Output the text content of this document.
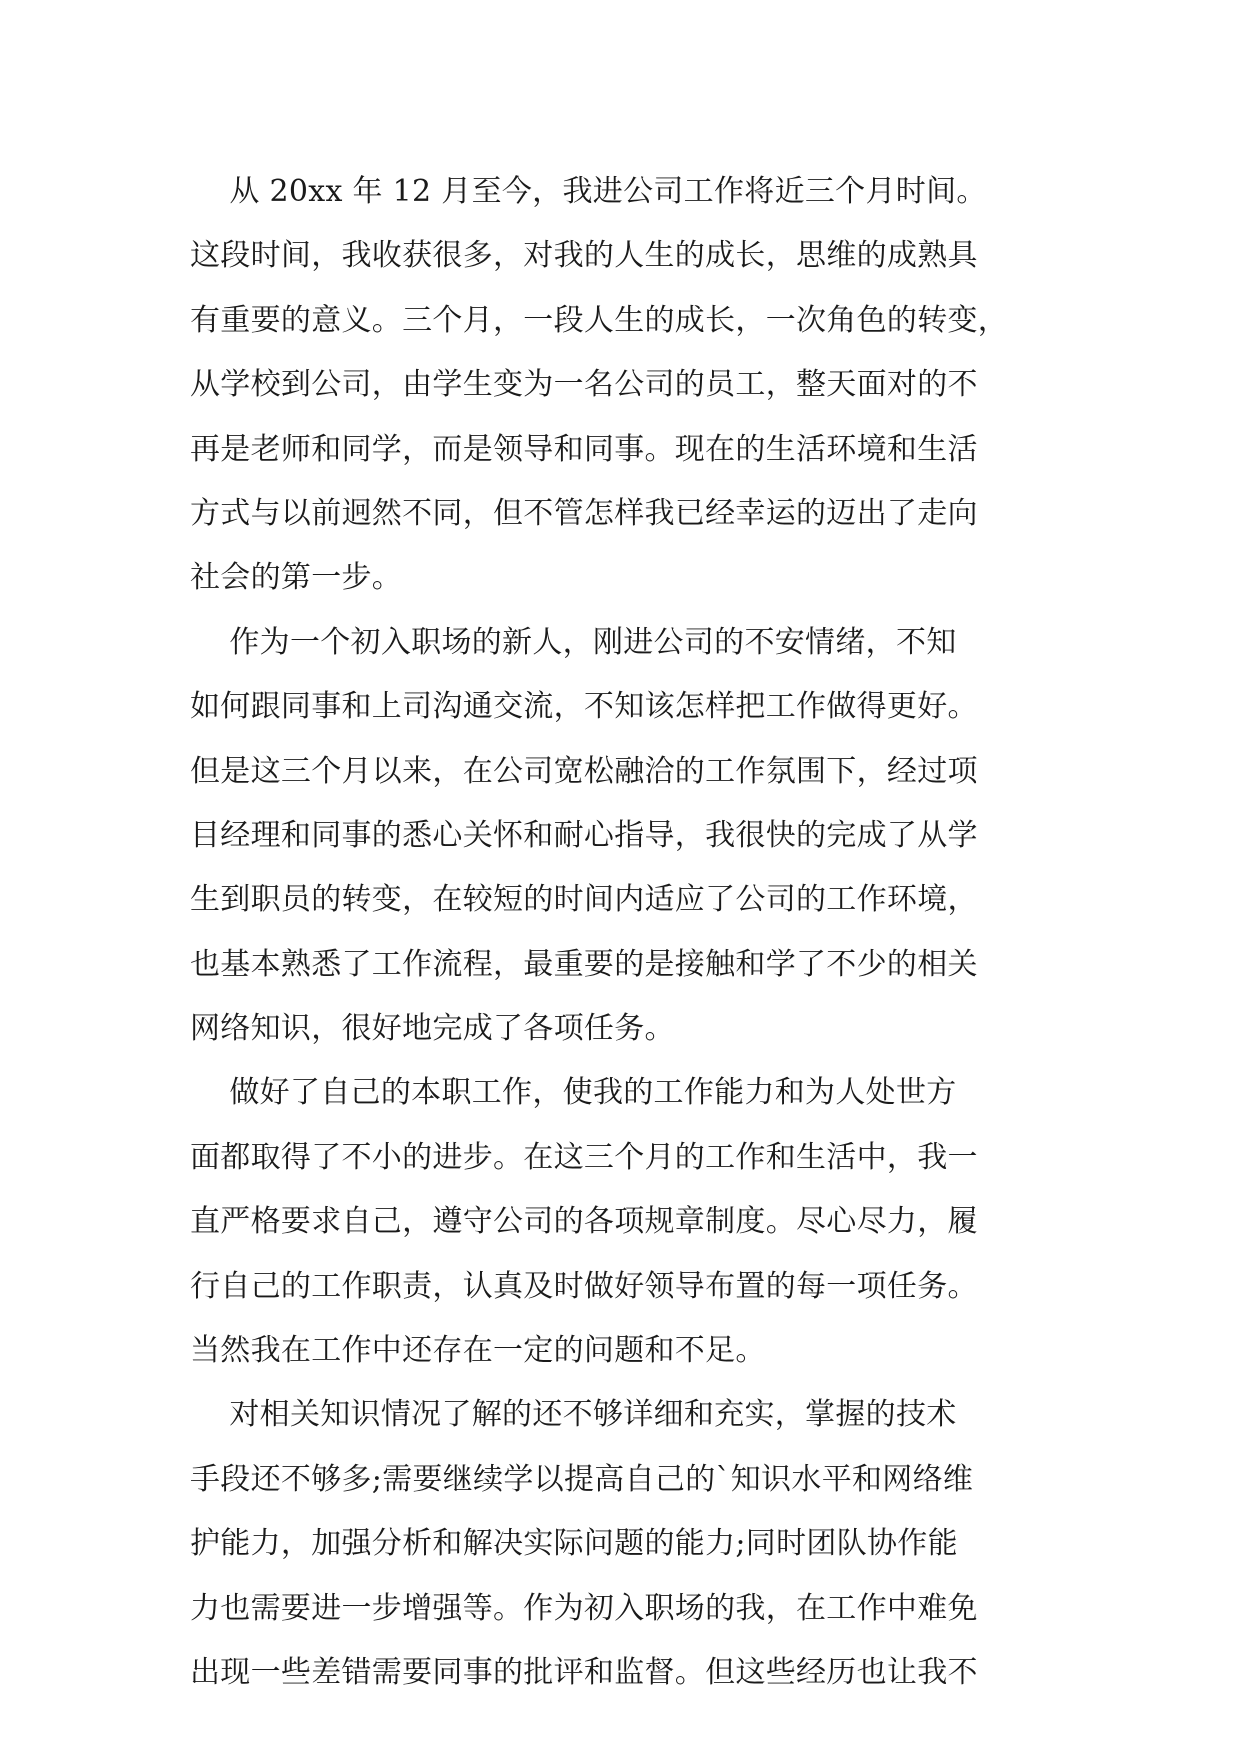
从 20xx 年 12 月至今，我进公司工作将近三个月时间。
这段时间，我收获很多，对我的人生的成长，思维的成熟具
有重要的意义。三个月，一段人生的成长，一次角色的转变，
从学校到公司，由学生变为一名公司的员工，整天面对的不
再是老师和同学，而是领导和同事。现在的生活环境和生活
方式与以前迥然不同，但不管怎样我已经幸运的迈出了走向
社会的第一步。
作为一个初入职场的新人，刚进公司的不安情绪，不知
如何跟同事和上司沟通交流，不知该怎样把工作做得更好。
但是这三个月以来，在公司宽松融洽的工作氛围下，经过项
目经理和同事的悉心关怀和耐心指导，我很快的完成了从学
生到职员的转变，在较短的时间内适应了公司的工作环境，
也基本熟悉了工作流程，最重要的是接触和学了不少的相关
网络知识，很好地完成了各项任务。
做好了自己的本职工作，使我的工作能力和为人处世方
面都取得了不小的进步。在这三个月的工作和生活中，我一
直严格要求自己，遵守公司的各项规章制度。尽心尽力，履
行自己的工作职责，认真及时做好领导布置的每一项任务。
当然我在工作中还存在一定的问题和不足。
对相关知识情况了解的还不够详细和充实，掌握的技术
手段还不够多;需要继续学以提高自己的`知识水平和网络维
护能力，加强分析和解决实际问题的能力;同时团队协作能
力也需要进一步增强等。作为初入职场的我，在工作中难免
出现一些差错需要同事的批评和监督。但这些经历也让我不
